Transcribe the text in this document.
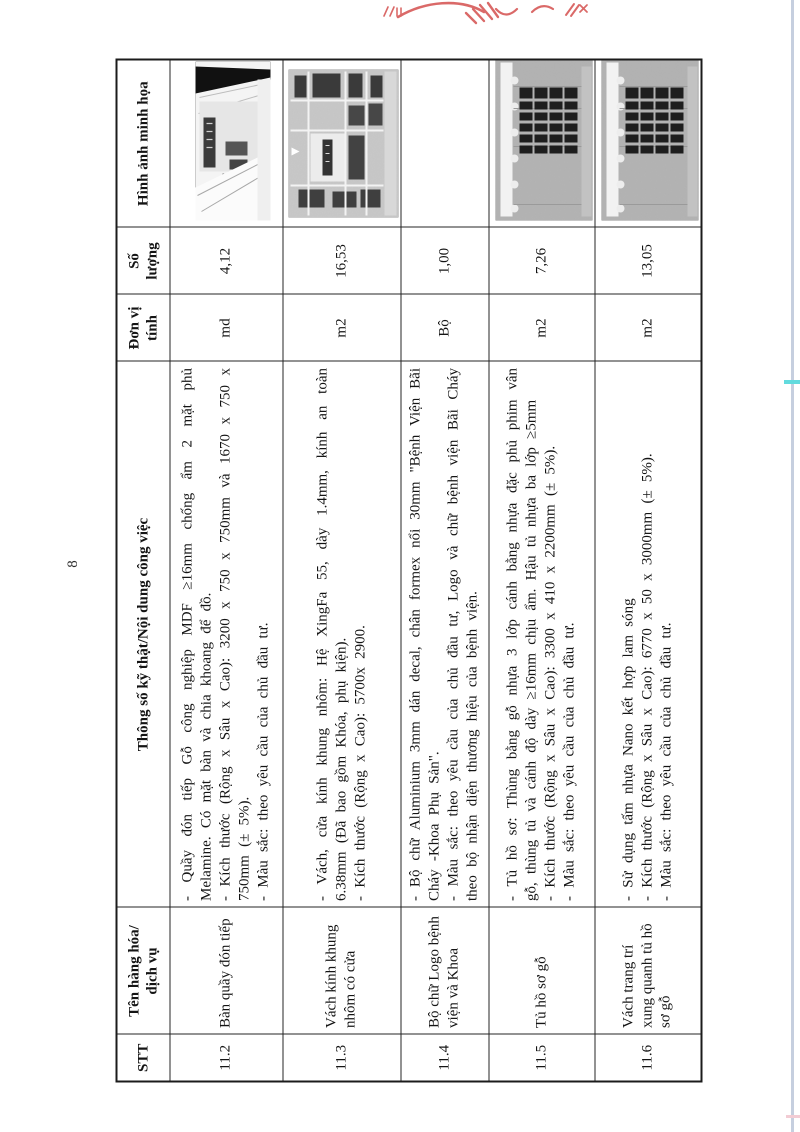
8
STT	Tên hàng hóa/ dịch vụ	Thông số kỹ thật/Nội dung công việc	Đơn vị tính	Số lượng	Hình ảnh minh họa
11.2	Bàn quầy đón tiếp	- Quầy đón tiếp Gỗ công nghiệp MDF ≥16mm chống ẩm 2 mặt phủ Melamine. Có mặt bàn và chia khoang để đồ. - Kích thước (Rộng x Sâu x Cao): 3200 x 750 x 750mm và 1670 x 750 x 750mm (± 5%). - Màu sắc: theo yêu cầu của chủ đầu tư.	md	4,12	

11.3	Vách kính khung nhôm có cửa	- Vách, cửa kính khung nhôm: Hệ XingFa 55, dày 1.4mm, kính an toàn 6.38mm (Đã bao gồm Khóa, phụ kiện). - Kích thước (Rộng x Cao): 5700x 2900.	m2	16,53	

11.4	Bộ chữ Logo bệnh viện và Khoa	- Bộ chữ Aluminium 3mm dán decal, chân formex nổi 30mm "Bệnh Viện Bãi Cháy -Khoa Phụ Sản". - Màu sắc: theo yêu cầu của chủ đầu tư, Logo và chữ bệnh viện Bãi Cháy theo bộ nhận diện thương hiệu của bệnh viện.	Bộ	1,00	
11.5	Tủ hồ sơ gỗ	- Tủ hồ sơ: Thùng bằng gỗ nhựa 3 lớp cánh bằng nhựa đặc phủ phim vân gỗ, thùng tủ và cánh độ dày ≥16mm chịu ẩm. Hậu tủ nhựa ba lớp ≥5mm - Kích thước (Rộng x Sâu x Cao): 3300 x 410 x 2200mm (± 5%). - Màu sắc: theo yêu cầu của chủ đầu tư.	m2	7,26	

11.6	Vách trang trí xung quanh tủ hồ sơ gỗ	- Sử dụng tấm nhựa Nano kết hợp lam sóng - Kích thước (Rộng x Sâu x Cao): 6770 x 50 x 3000mm (± 5%). - Màu sắc: theo yêu cầu của chủ đầu tư.	m2	13,05	
